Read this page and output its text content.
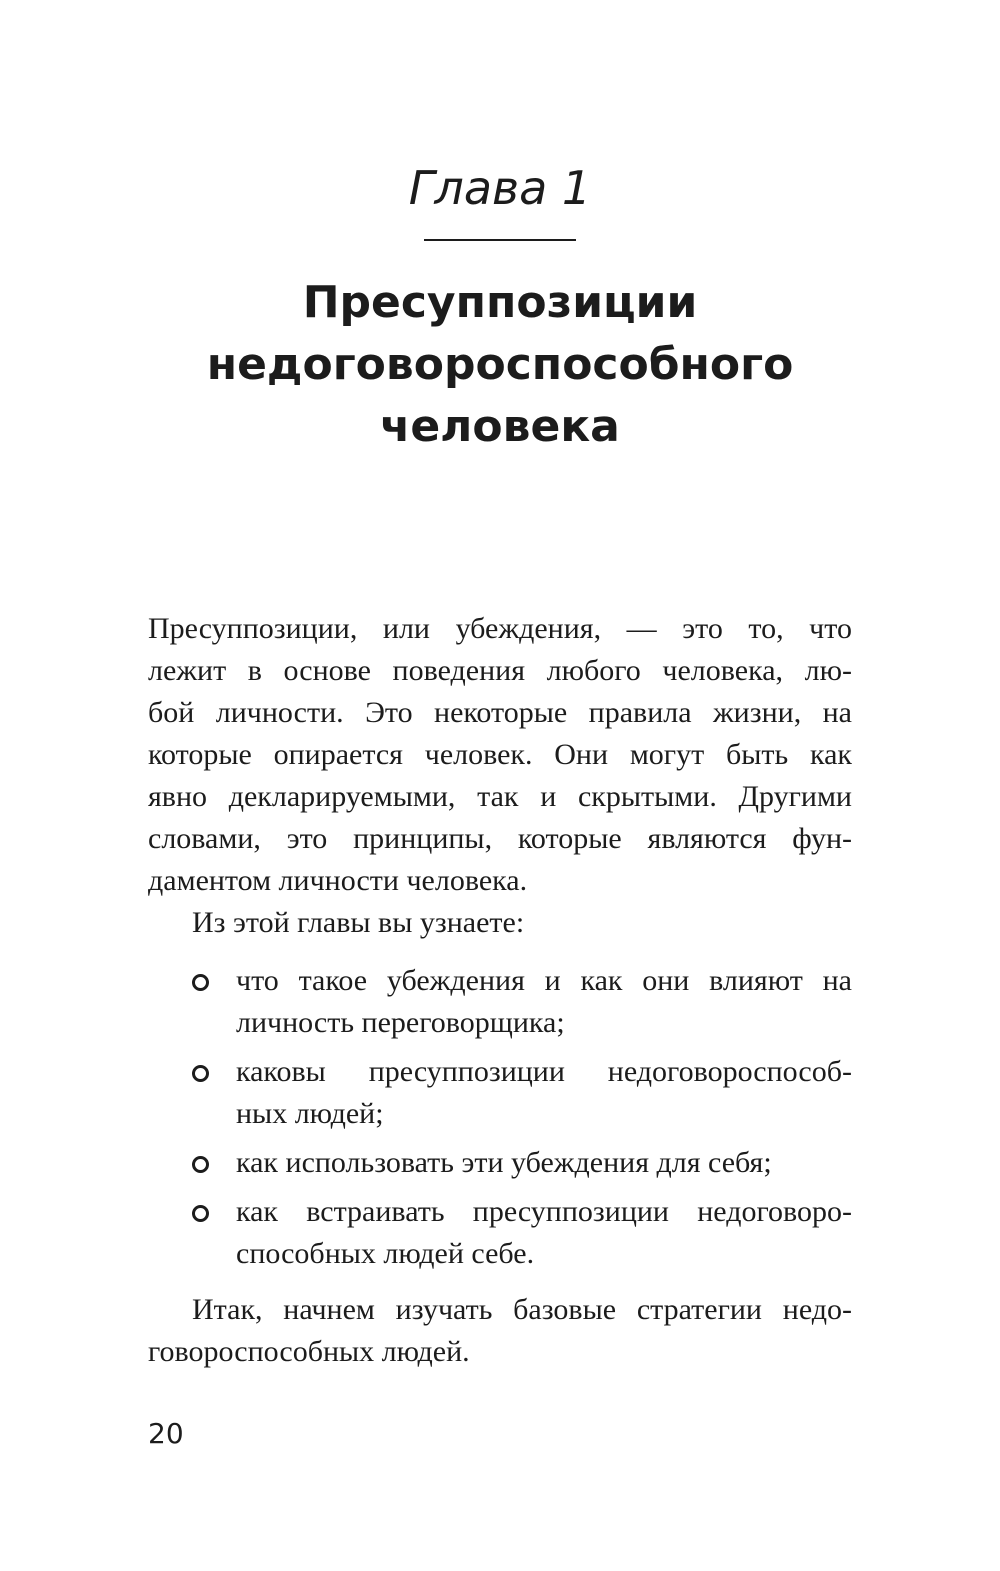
Глава 1
Пресуппозиции
недоговороспособного
человека
Пресуппозиции, или убеждения, — это то, что
лежит в основе поведения любого человека, лю-
бой личности. Это некоторые правила жизни, на
которые опирается человек. Они могут быть как
явно декларируемыми, так и скрытыми. Другими
словами, это принципы, которые являются фун-
даментом личности человека.
Из этой главы вы узнаете:
что такое убеждения и как они влияют на
личность переговорщика;
каковы пресуппозиции недоговороспособ-
ных людей;
как использовать эти убеждения для себя;
как встраивать пресуппозиции недоговоро-
способных людей себе.
Итак, начнем изучать базовые стратегии недо-
говороспособных людей.
20
